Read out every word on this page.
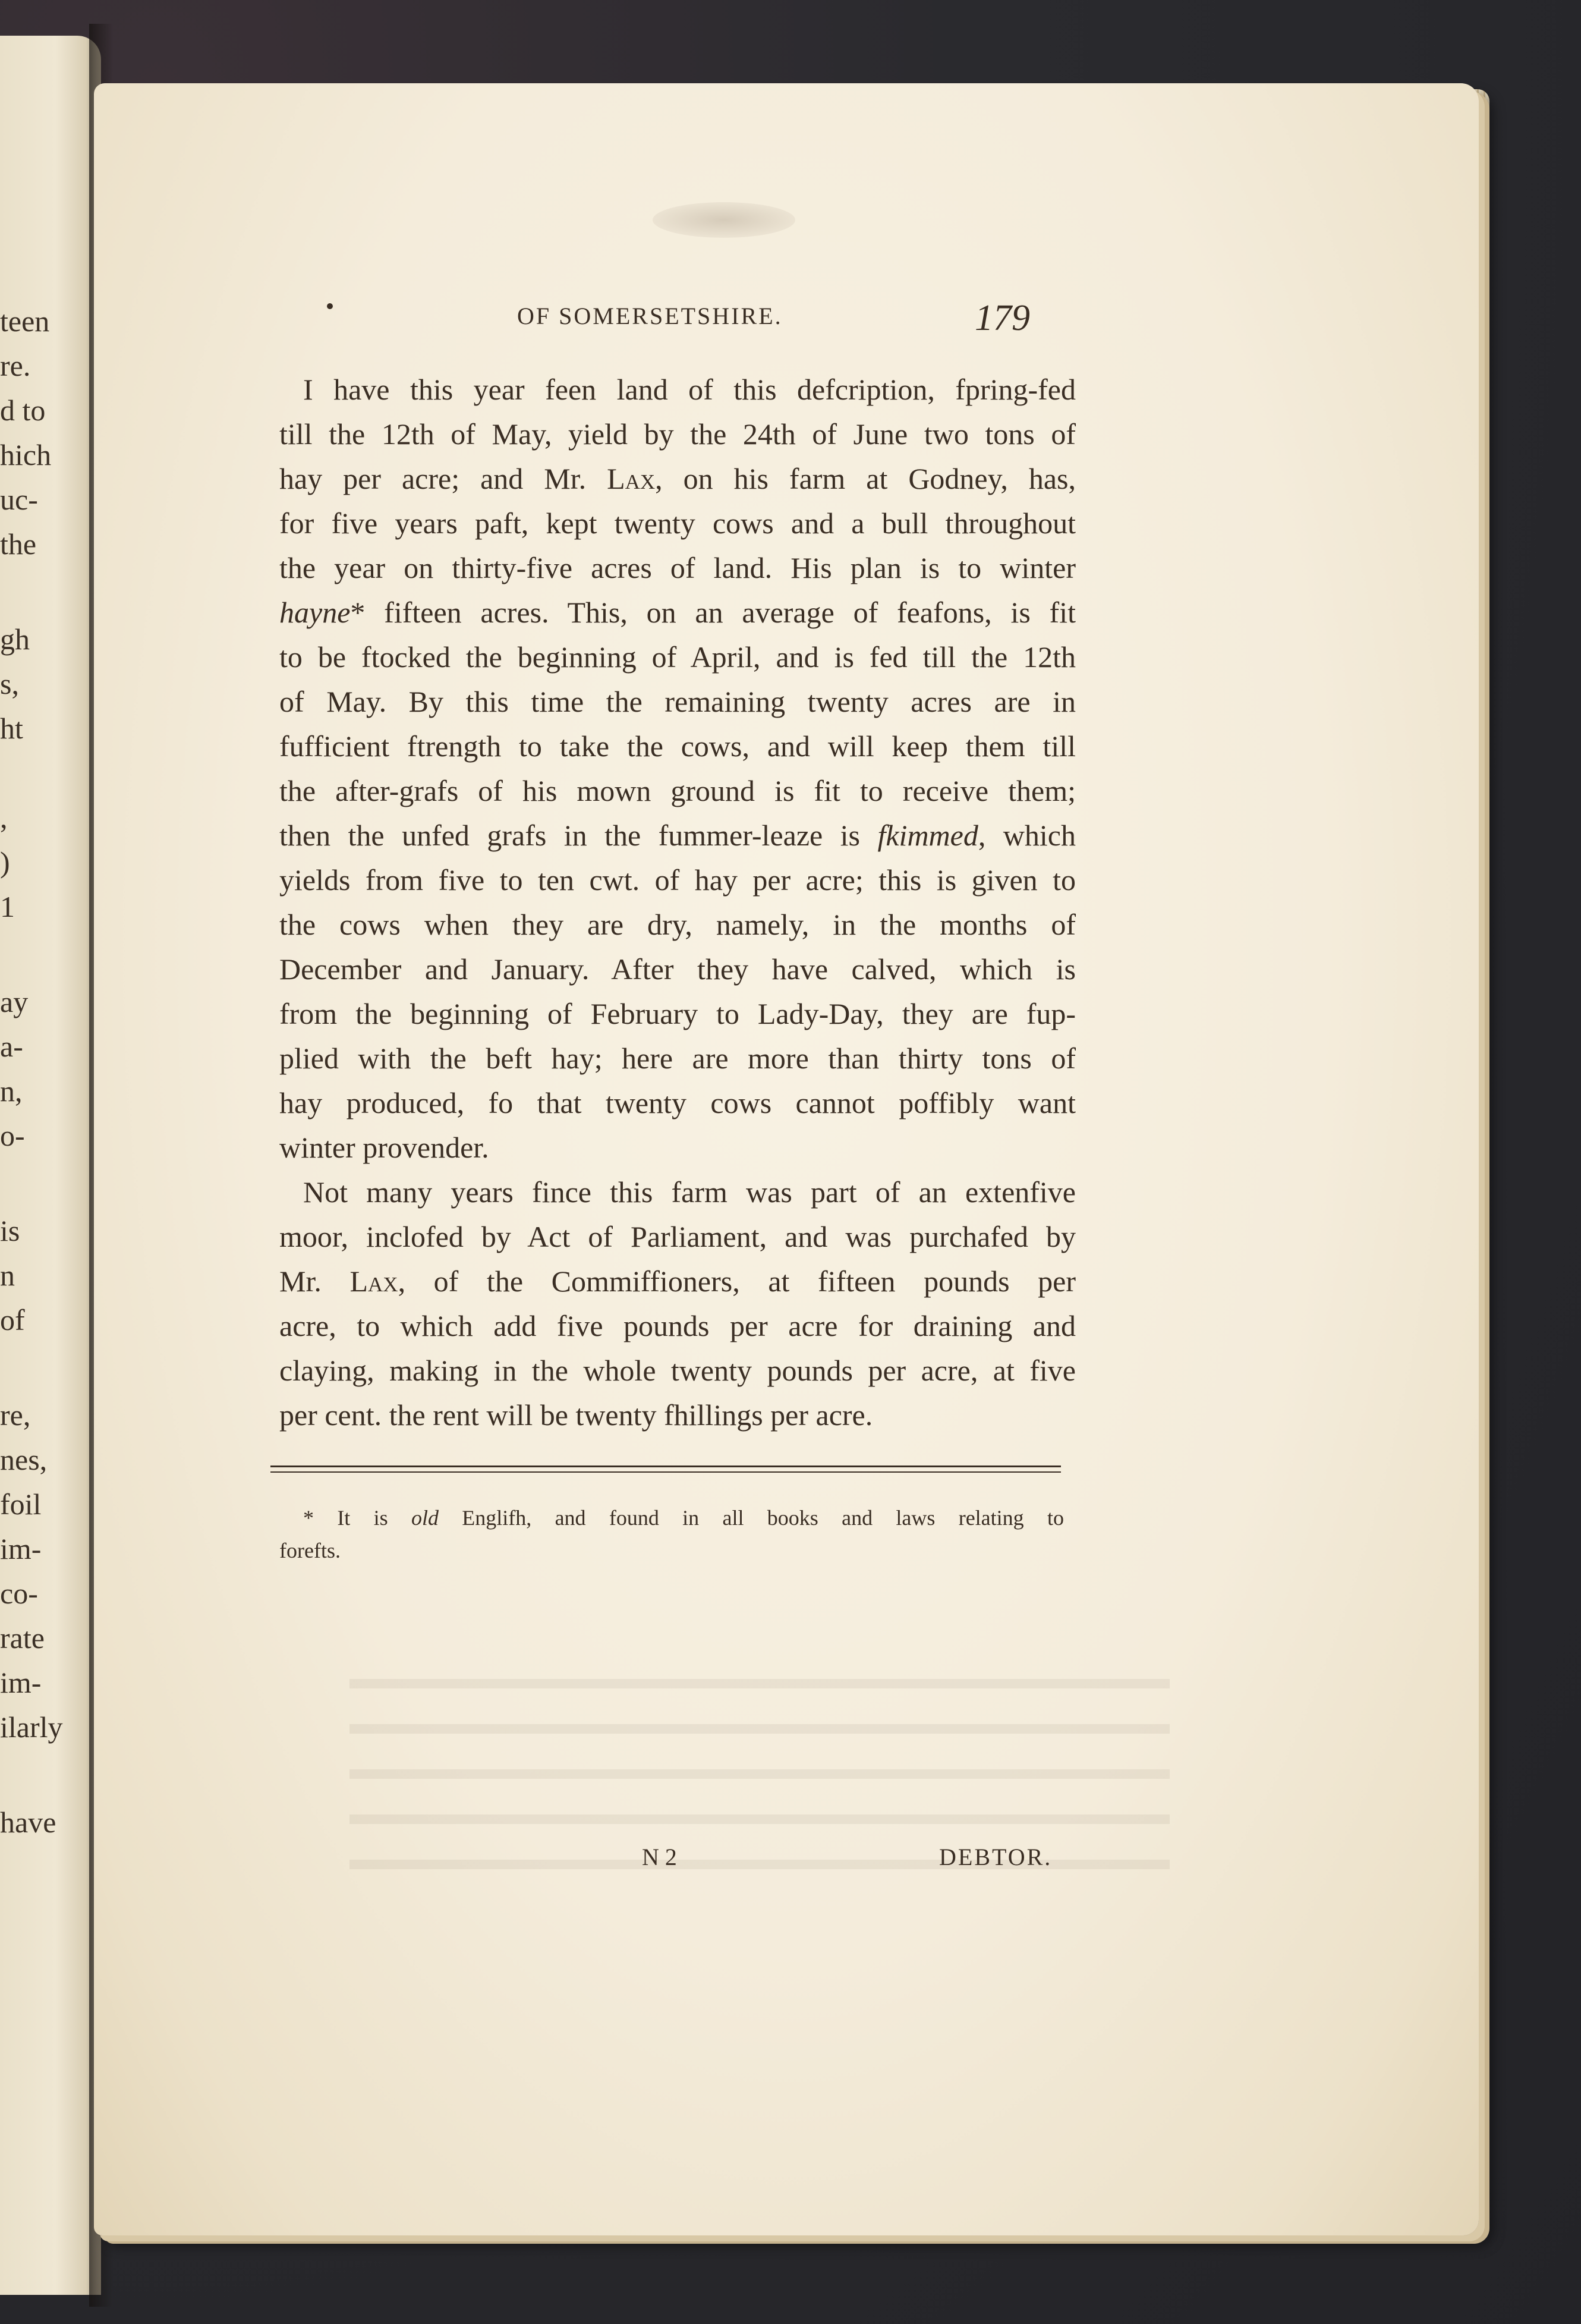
teen
re.
d to
hich
uc-
the
gh
s,
ht
,
)
1
ay
a-
n,
o-
is
n
of
re,
nes,
foil
im-
co-
rate
im-
ilarly
have
OF SOMERSETSHIRE.	179
I have this year feen land of this defcription, fpring-fed
till the 12th of May, yield by the 24th of June two tons of
hay per acre; and Mr. Lax, on his farm at Godney, has,
for five years paft, kept twenty cows and a bull throughout
the year on thirty-five acres of land. His plan is to winter
hayne* fifteen acres. This, on an average of feafons, is fit
to be ftocked the beginning of April, and is fed till the 12th
of May. By this time the remaining twenty acres are in
fufficient ftrength to take the cows, and will keep them till
the after-grafs of his mown ground is fit to receive them;
then the unfed grafs in the fummer-leaze is fkimmed, which
yields from five to ten cwt. of hay per acre; this is given to
the cows when they are dry, namely, in the months of
December and January. After they have calved, which is
from the beginning of February to Lady-Day, they are fup-
plied with the beft hay; here are more than thirty tons of
hay produced, fo that twenty cows cannot poffibly want
winter provender.
Not many years fince this farm was part of an extenfive
moor, inclofed by Act of Parliament, and was purchafed by
Mr. Lax, of the Commiffioners, at fifteen pounds per
acre, to which add five pounds per acre for draining and
claying, making in the whole twenty pounds per acre, at five
per cent. the rent will be twenty fhillings per acre.
* It is old Englifh, and found in all books and laws relating to
forefts.
N 2	DEBTOR.
